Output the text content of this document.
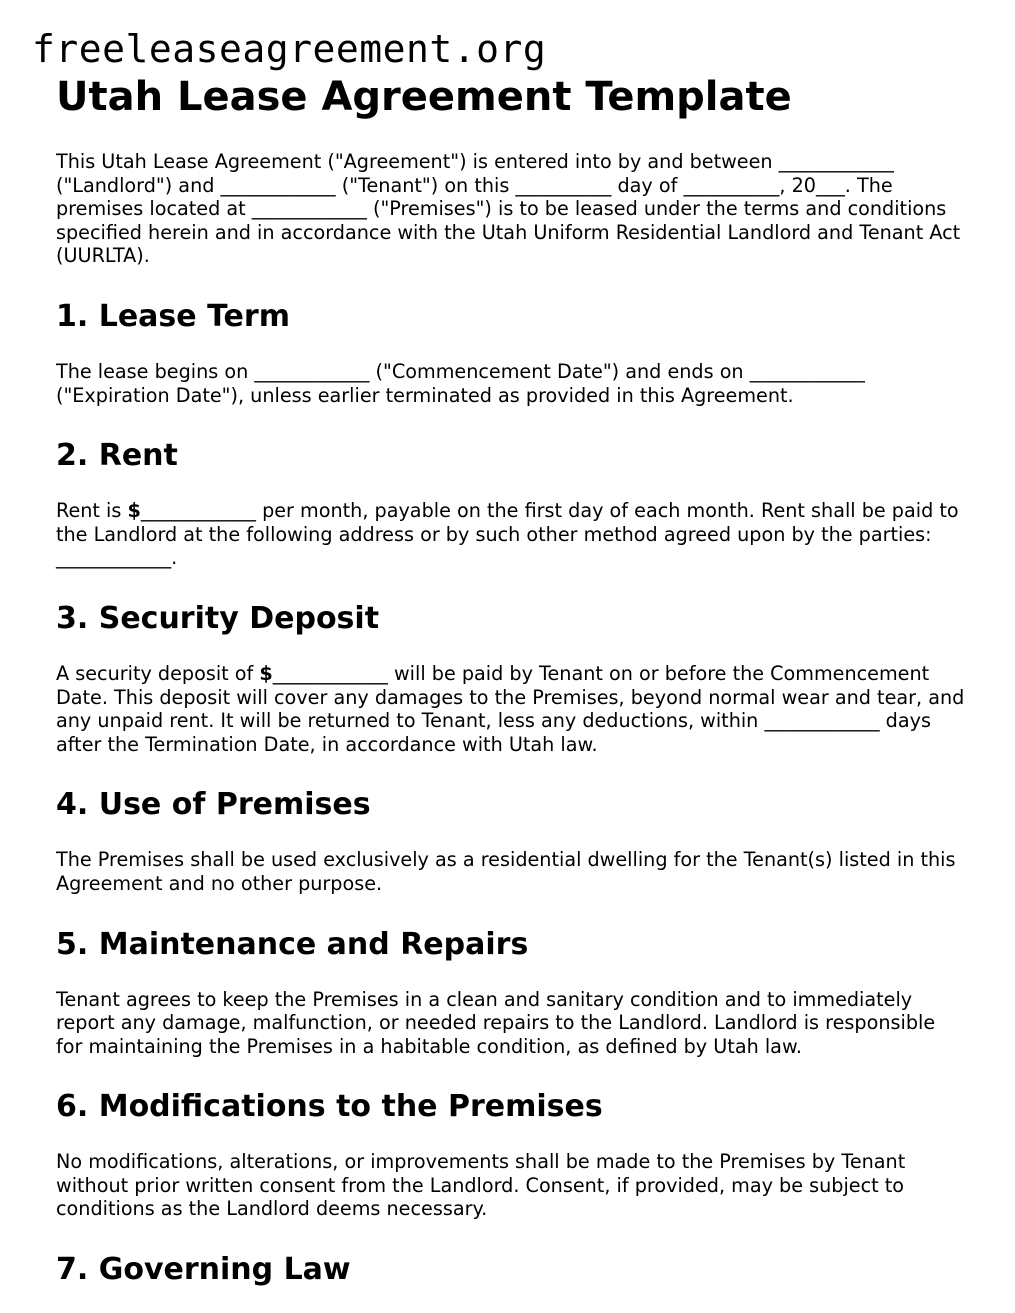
freeleaseagreement.org
Utah Lease Agreement Template

This Utah Lease Agreement ("Agreement") is entered into by and between ____________ ("Landlord") and ____________ ("Tenant") on this __________ day of __________, 20___. The premises located at ____________ ("Premises") is to be leased under the terms and conditions specified herein and in accordance with the Utah Uniform Residential Landlord and Tenant Act (UURLTA).

1. Lease Term

The lease begins on ____________ ("Commencement Date") and ends on ____________ ("Expiration Date"), unless earlier terminated as provided in this Agreement.

2. Rent

Rent is $____________ per month, payable on the first day of each month. Rent shall be paid to the Landlord at the following address or by such other method agreed upon by the parties: ____________.

3. Security Deposit

A security deposit of $____________ will be paid by Tenant on or before the Commencement Date. This deposit will cover any damages to the Premises, beyond normal wear and tear, and any unpaid rent. It will be returned to Tenant, less any deductions, within ____________ days after the Termination Date, in accordance with Utah law.

4. Use of Premises

The Premises shall be used exclusively as a residential dwelling for the Tenant(s) listed in this Agreement and no other purpose.

5. Maintenance and Repairs

Tenant agrees to keep the Premises in a clean and sanitary condition and to immediately report any damage, malfunction, or needed repairs to the Landlord. Landlord is responsible for maintaining the Premises in a habitable condition, as defined by Utah law.

6. Modifications to the Premises

No modifications, alterations, or improvements shall be made to the Premises by Tenant without prior written consent from the Landlord. Consent, if provided, may be subject to conditions as the Landlord deems necessary.

7. Governing Law
